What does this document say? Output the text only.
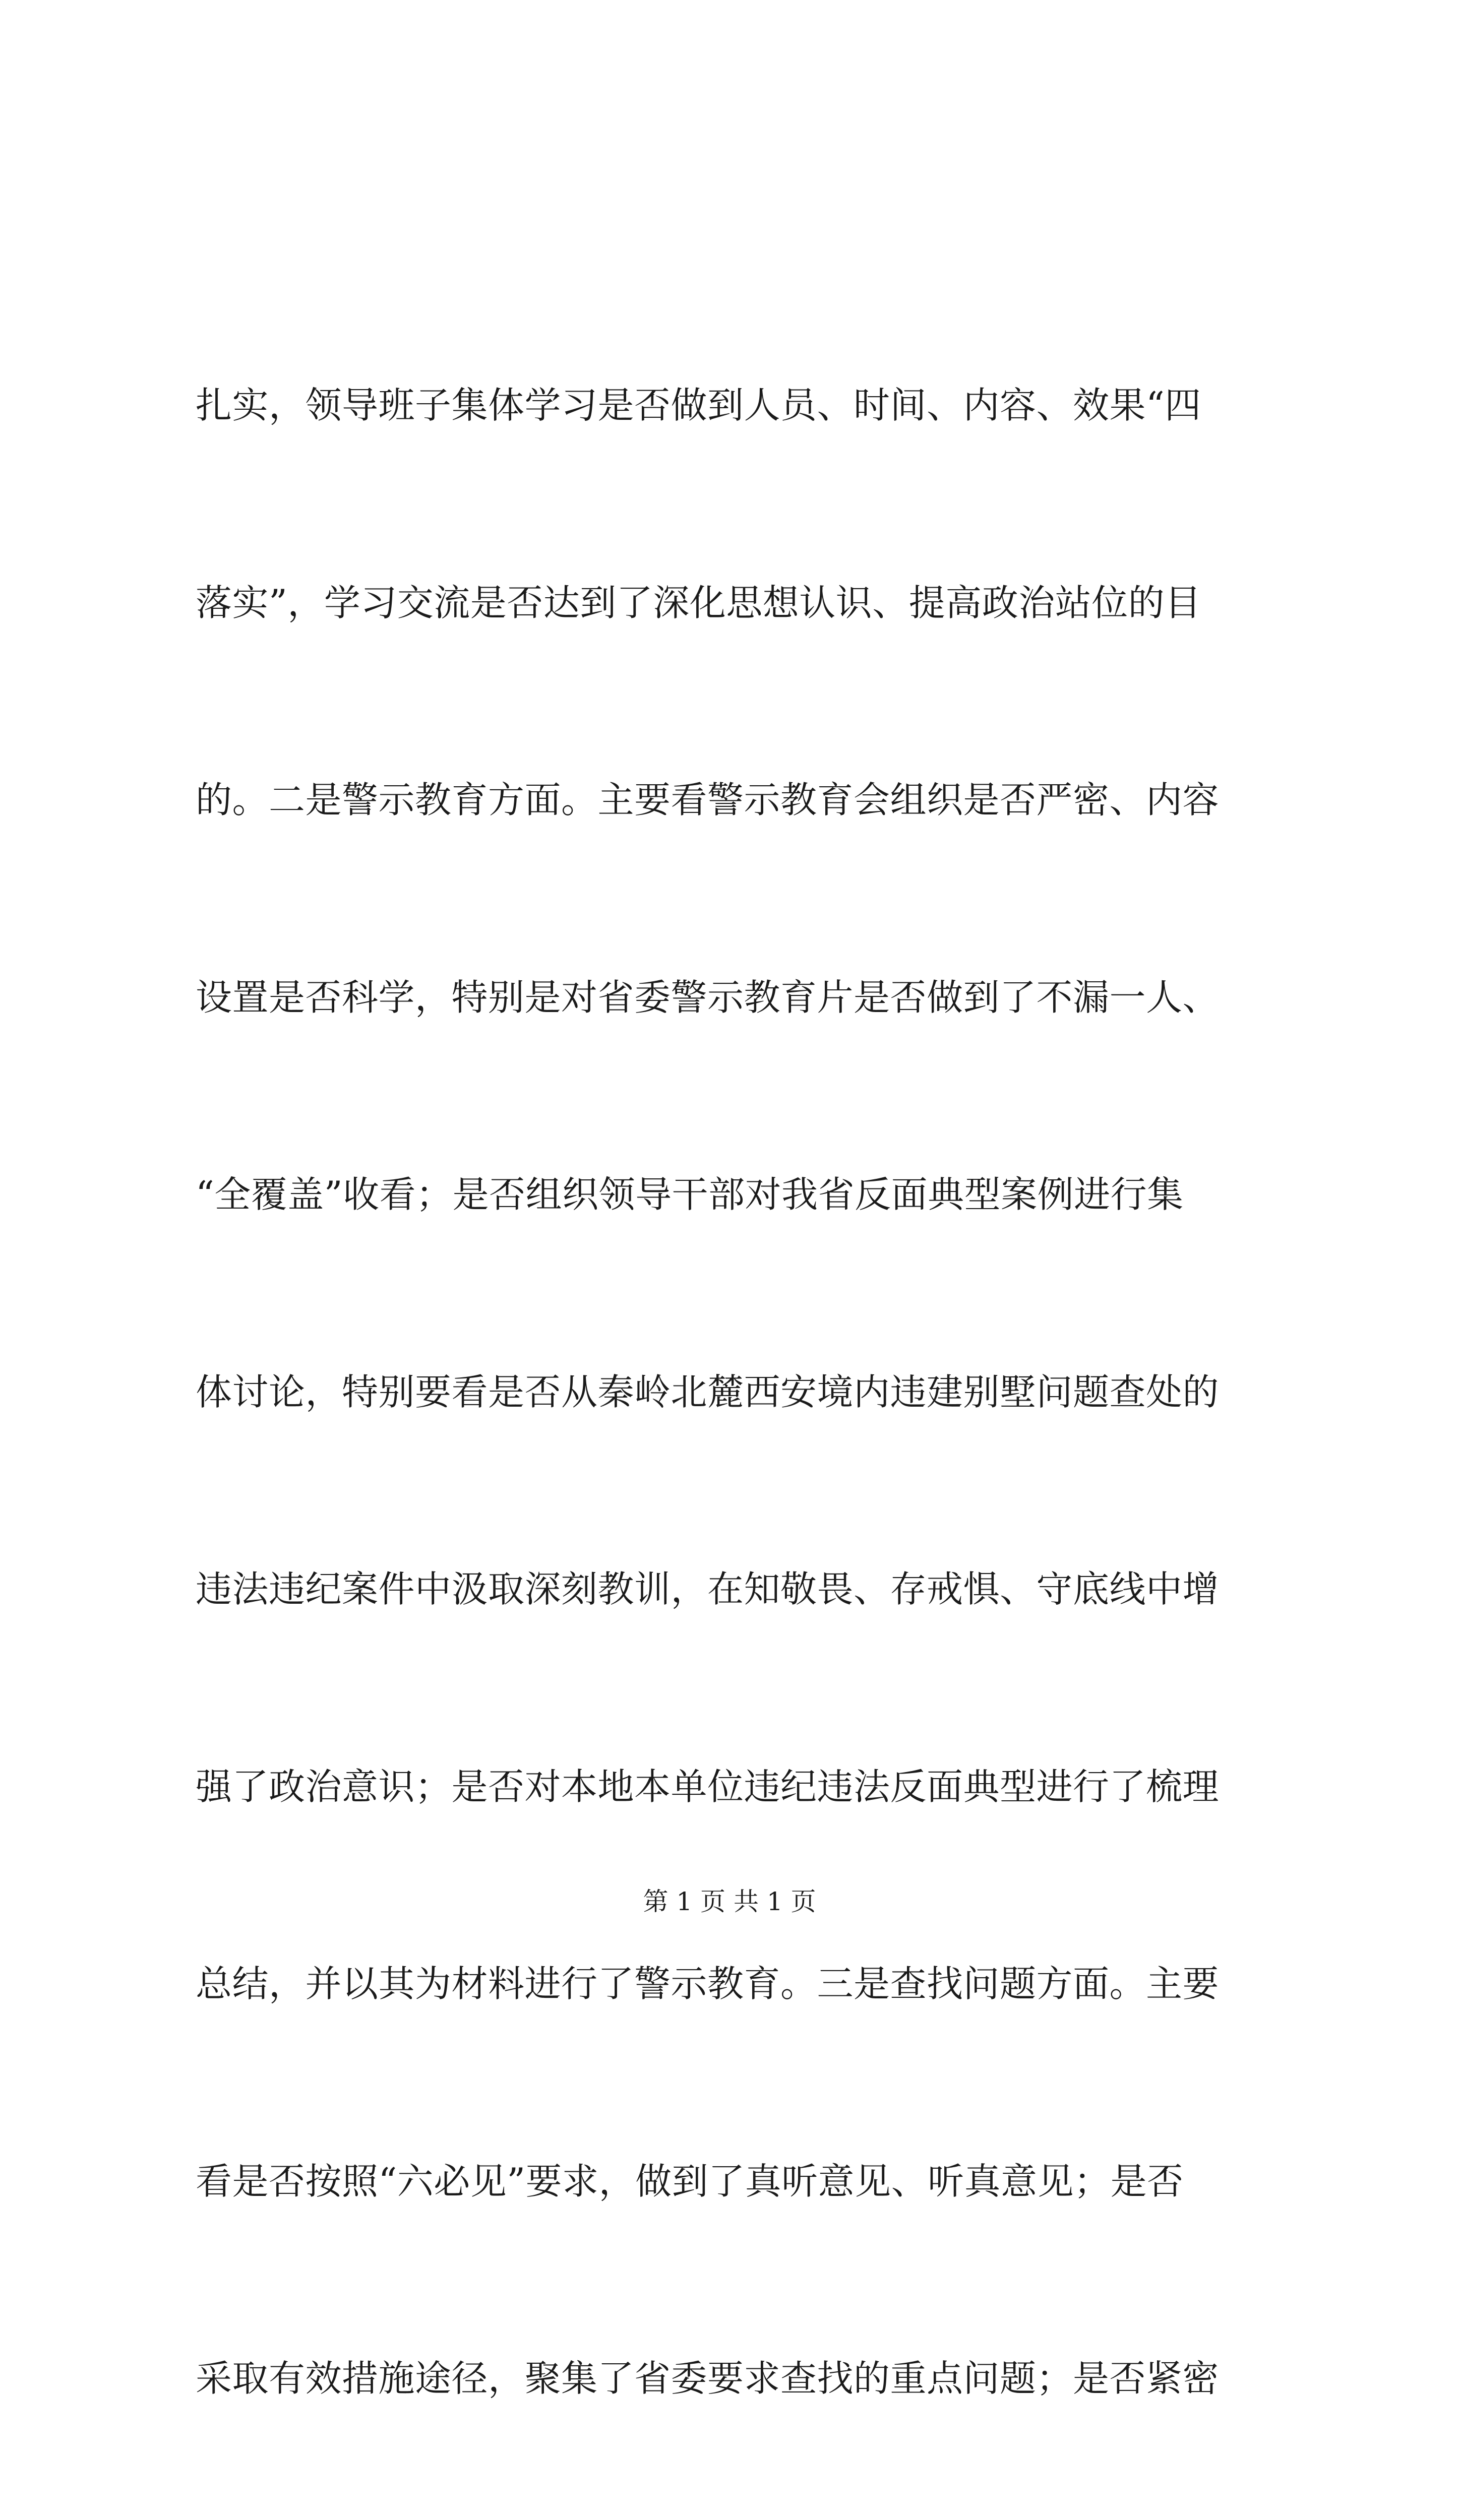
扎实，领导班子集体学习是否做到人员、时间、内容、效果“四

落实”，学习交流是否达到了深化思想认识、提高政治站位的目

的。二是警示教育方面。主要看警示教育会组织是否严密、内容

设置是否科学，特别是对省委警示教育片是否做到了不漏一人、

“全覆盖”收看；是否组织领导干部对我省反面典型案例进行集

体讨论，特别要看是否从秦岭北麓西安境内违建别墅问题查处的

违法违纪案件中汲取深刻教训，在知敬畏、存戒惧、守底线中增

强了政治意识；是否对本地本单位违纪违法反面典型进行了梳理

总结，并以其为材料进行了警示教育。三是查找问题方面。主要

看是否按照“六必见”要求，做到了真听意见、听真意见；是否

采取有效措施途径，聚集了省委要求查找的重点问题；是否紧密

第 1 页 共 1 页
